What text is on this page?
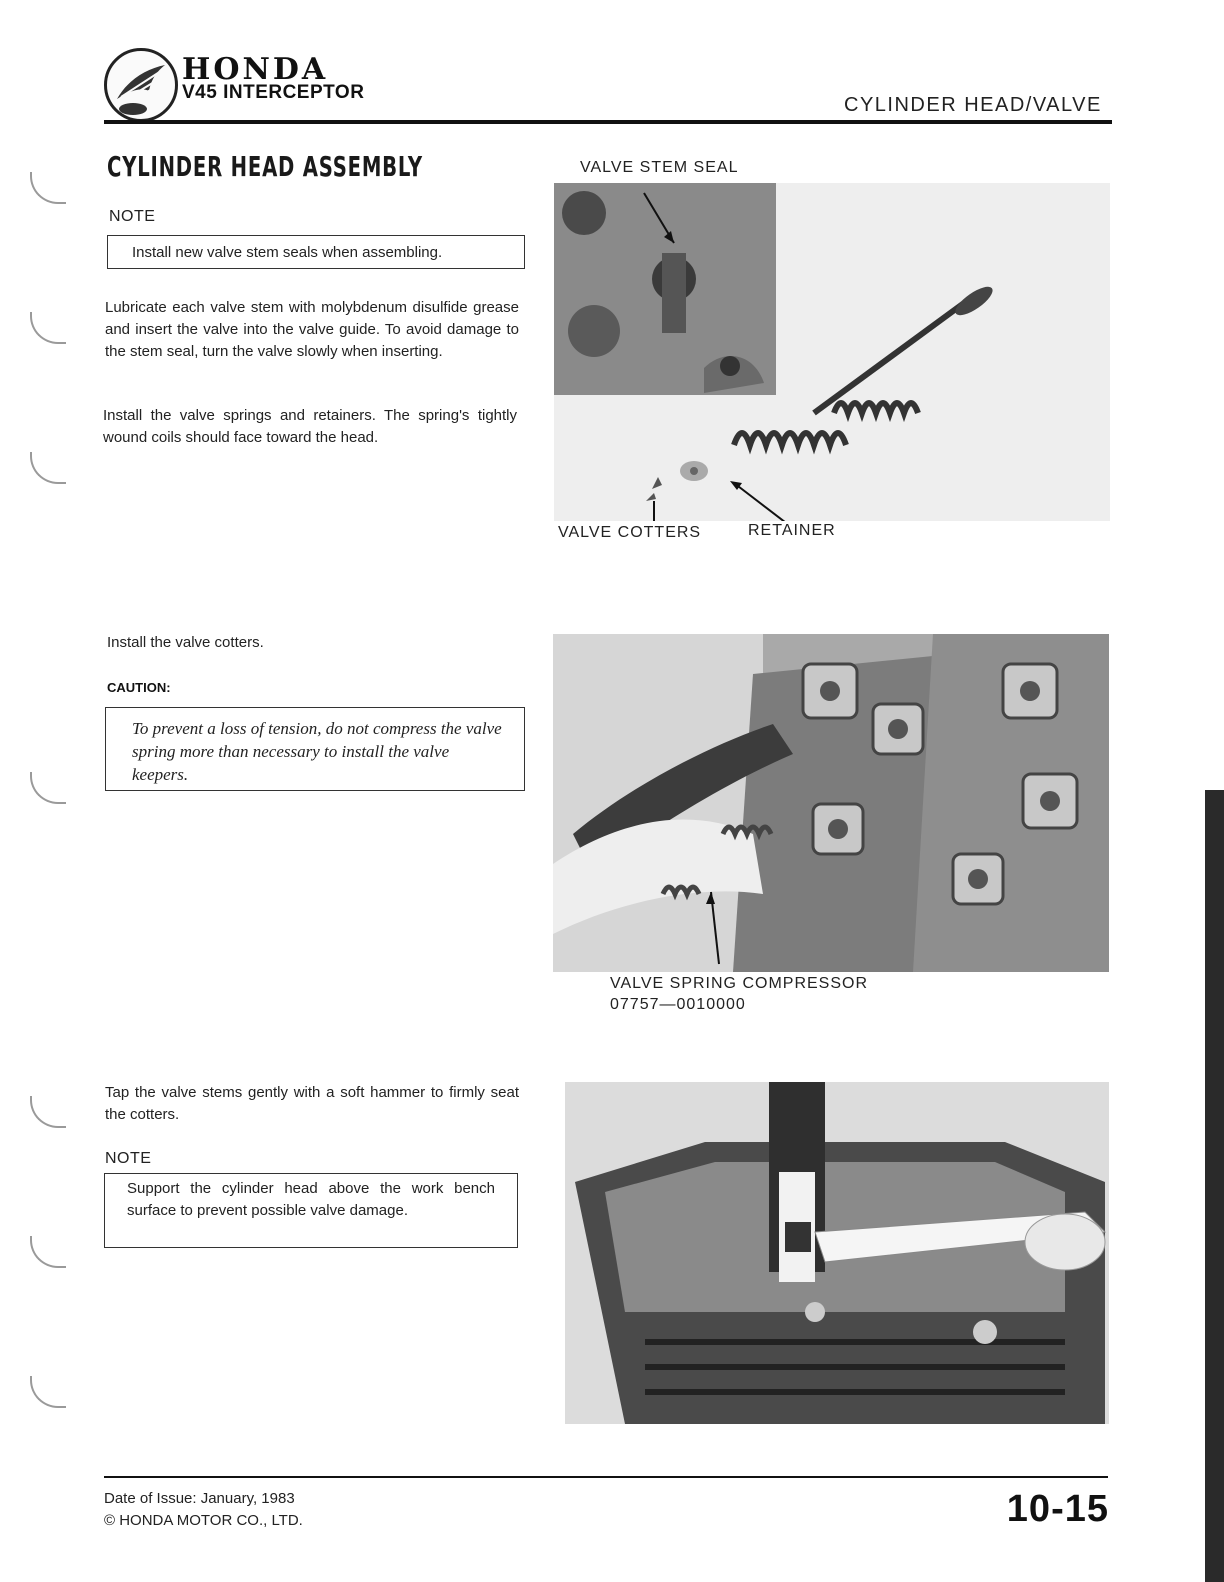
HONDA
V45 INTERCEPTOR
CYLINDER HEAD/VALVE
CYLINDER HEAD ASSEMBLY
NOTE
Install new valve stem seals when assembling.
Lubricate each valve stem with molybdenum disulfide grease and insert the valve into the valve guide. To avoid damage to the stem seal, turn the valve slowly when inserting.
Install the valve springs and retainers. The spring's tightly wound coils should face toward the head.
VALVE STEM SEAL
VALVE COTTERS	RETAINER
Install the valve cotters.
CAUTION:
To prevent a loss of tension, do not compress the valve spring more than necessary to install the valve keepers.
VALVE SPRING COMPRESSOR
07757—0010000
Tap the valve stems gently with a soft hammer to firmly seat the cotters.
NOTE
Support the cylinder head above the work bench surface to prevent possible valve damage.
Date of Issue: January, 1983
© HONDA MOTOR CO., LTD.	10-15
